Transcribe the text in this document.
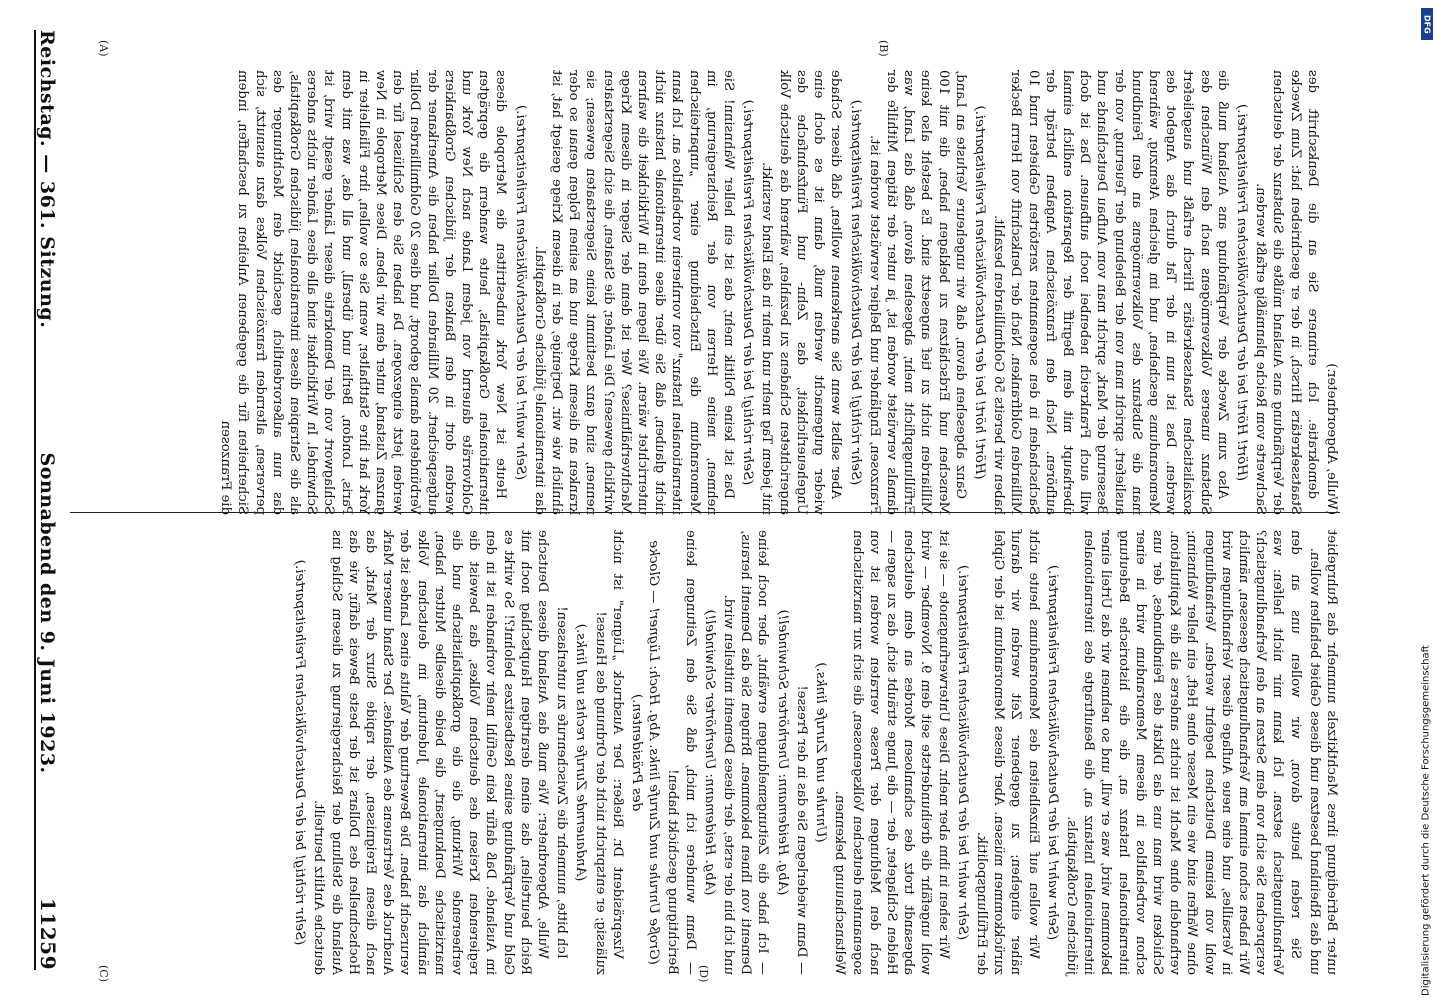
Reichstag. — 361. Sitzung.
Sonnabend den 9. Juni 1923.
11259
(A)	(B)
(C)	(D)

(Wulle, Abgeordneter.)

demokratie. Ich erinnere Sie an die Denkschrift des Staatssekretärs Hirsch, in der er geschrieben hat: Zum Zwecke der Verpfändung ans Ausland müßte die Substanz der deutschen Sachwerte vom Reiche planmäßig erfaßt werden.

(Hört! Hört! bei der Deutschvölkischen Freiheitspartei.)

Also zum Zwecke der Verpfändung ans Ausland muß die Substanz unseres Volksvermögens nach den Wünschen des sozialistischen Staatssekretärs Hirsch erfaßt und ausgeliefert werden. Das ist nun in der Tat durch das Angebot des Memorandums geschehen, und im gleichen Atemzug, während man die Substanz des Volksvermögens an den Feindbund ausliefert, spricht man von der Behebung der Teuerung, von der Besserung der Mark, spricht man vom Aufbau Deutschlands und will auch Frankreich nebenbei noch aufbauen. Das ist doch überhaupt mit dem Begriff der Reparation endlich einmal aufhören. Nach den französischen Angaben beträgt der Sachschaden in den sogenannten zerstörten Gebieten rund 10 Milliarden Goldfranken. Nach der Denkschrift von Herrn Becker haben wir bereits 56 Goldmilliarden bezahlt.

(Hört! hört! bei der Deutschvölkischen Freiheitspartei.)

Ganz abgesehen davon, daß wir ungeheure Verluste an Land, Menschen und Erdschätzen zu beklagen haben, die mit 100 Milliarden nicht zu tief angesetzt sind. Es besteht also keine Erfüllungspflicht mehr, abgesehen davon, daß das Land, was damals verwüstet worden ist, ja unter der tätigen Mithilfe der Franzosen, Engländer und Belgier verwüstet worden ist.

(Sehr richtig! bei der Deutschvölkischen Freiheitspartei.)

Aber selbst wenn Sie anerkennen wollten, daß dieser Schade wieder gutgemacht werden muß, dann ist es doch eine Ungeheuerlichkeit, das Zehn- und Fünfzehnfache des angerichteten Schadens zu bezahlen, während das deutsche Volk mit jedem Tag mehr und mehr in das Elend versinkt.

(Sehr richtig! bei der Deutschvölkischen Freiheitspartei.)

Das ist keine Politik mehr, das ist ein heller Wahnsinn! Sie nehmen, meine Herren von der Reichsregierung, im Memorandum die Entscheidung einer „unparteiischen internationalen Instanz" von vornherein vorbehaltlos an. Ich kann nicht glauben, daß Sie über diese internationale Instanz nicht unterrichtet wären. Wie liegen denn in Wirklichkeit die wahren Machtverhältnisse? Wer ist denn der Sieger in diesem Kriege wirklich gewesen? Die Länder, die Staaten, die sich Siegerstaaten nennen, sind ganz bestimmt keine Siegerstaaten gewesen; sie kranken an diesem Kriege und an seinen Folgen genau so oder ähnlich wie wir. Derjenige, der in diesem Kriege gesiegt hat, ist das internationale jüdische Großkapital.

(Sehr wahr! bei der Deutschvölkischen Freiheitspartei.)

Heute ist New York unbestritten die Metropole dieses internationalen Großkapitals, heute wandern die geprägten Goldvorräte dauernd von jedem Lande nach New York und werden dort in den Banken der jüdischen Großbankiers aufgespeichert. 20 Milliarden Dollar haben die Amerikaner der Verbündeten damals geborgt, und diese 20 Goldmilliarden Dollar werden jetzt eingezogen. Da haben Sie den Schlüssel für den ganzen Zustand, unter dem wir leben. Diese Metropole in New York hat ihre Statthalter, wenn Sie so wollen, ihre Filialleiter in Paris, London, Berlin und überall, und all das, was mit dem Schlagwort von der Demokratie dieser Länder gesagt wird, ist Schwindel. In Wirklichkeit sind alle diese Länder nichts anderes als die Satrapien dieses internationalen jüdischen Großkapitals, das nun außerordentlich geschickt den Machthunger des perversen, alternden französischen Volkes dazu ausnutzt, sich Sicherheiten für die gegebenen Anleihen zu beschaffen, indem die Franzosen

unter Befriedigung ihres Machtkitzels nunmehr das Ruhrgebiet und das Rheinland besetzen und dieses Gebiet behalten wollen.

Sie reden heute davon, wir wollen uns an den Verhandlungstisch setzen. Ich kann mir nicht helfen: was versprechen Sie sich von dem Setzen an den Verhandlungstisch? Wir haben schon einmal am Verhandlungstisch gesessen, nämlich in Versailles, und eine neue Auflage dieser Verhandlungen wird wohl von keinem Deutschen begehrt werden. Verhandlungen ohne Waffen sind wie ein Messer ohne Heft, ein heller Wahnsinn; verhandeln ohne Macht ist nichts anderes als die Kapitulation. Schicken wird man uns das Diktat des Feindbundes, der uns schon vorbehaltlos in diesem Memorandum wird in einer internationalen Instanz an, die die historische Bedeutung bekommen wird, was er will, und so nehmen wir das Urteil einer internationalen Instanz an, die Beauftragte des internationalen jüdischen Großkapitals.

(Sehr wahr! bei der Deutschvölkischen Freiheitspartei.)

Wir wollen auf Einzelheiten des Memorandums heute nicht näher eingehen; zu gegebener Zeit werden wir darauf zurückkommen müssen. Aber dieses Memorandum ist der Gipfel der Erfüllungspolitik.

(Sehr wahr! bei der Deutschvölkischen Freiheitspartei.)

Wir sehen in ihm aber mehr. Diese Unterwerfungsnote — sie ist wohl ungefähr die dreihundertste seit dem 9. November — wird abgesandt trotz des schamlosen Mordes an dem deutschen Helden Schlageter, der — die Junge sträubt sich, das zu sagen — nach den Meldungen der Presse verraten worden ist von sogenannten deutschen Volksgenossen, die sich zur marxistischen Weltanschauung bekennen.

(Unruhe und Zurufe links.)

— Dann wiederlegen Sie das in der Presse!

(Abg. Heidemann: Unerhörter Schwindel!)

— Ich habe die Zeitungsmeldungen erwähnt, aber noch keine Dementi von Ihnen bekommen. Bringen Sie das Dementi heraus, und ich bin der erste, der dieses Dementi mitteilen wird.

(Abg. Heidemann: Unerhörter Schwindel!)

— Dann wundere ich mich, daß Sie den Zeitungen keine Berichtigung geschickt haben!

(Große Unruhe und Zurufe links. Abg. Hoch: Lügner! — Glocke des Präsidenten.)

Vizepräsident Dr. Rießer: Der Ausdruck „Lügner" ist nicht zulässig; er entspricht nicht der Ordnung des Hauses!

(Andauernde Zurufe rechts und links.)

Ich bitte, nunmehr die Zwischenrufe zu unterlassen!

Wulle, Abgeordneter: Wie muß das Ausland dieses Deutsche Reich beurteilen, das einen derartigen Hauptschlag noch mit Geld und Verpfändung seines Restbesitzes belohnt?! So wirkt es im Auslande. Daß dafür kein Gefühl mehr vorhanden ist in den regierenden Kreisen des deutschen Volkes, das beweist die verheerende Wirkung, die die großkapitalistische und die marxistische Denkungsart, die beide dieselbe Mutter haben, nämlich das internationale Judentum, im deutschen Volke verursacht haben. Die Bewertung der Valuta eines Landes ist der Ausdruck des Vertrauens des Auslandes. Der Stand unserer Mark nach diesen Ereignissen, der rapide Sturz der Mark, das Hochschnellen des Dollars ist der beste Beweis dafür, wie das Ausland die Stellung der Reichsregierung zu diesem Schlag ins deutsche Antlitz beurteilt.

(Sehr richtig! bei der Deutschvölkischen Freiheitspartei.)

DFG
Digitalisierung gefördert durch die Deutsche Forschungsgemeinschaft
